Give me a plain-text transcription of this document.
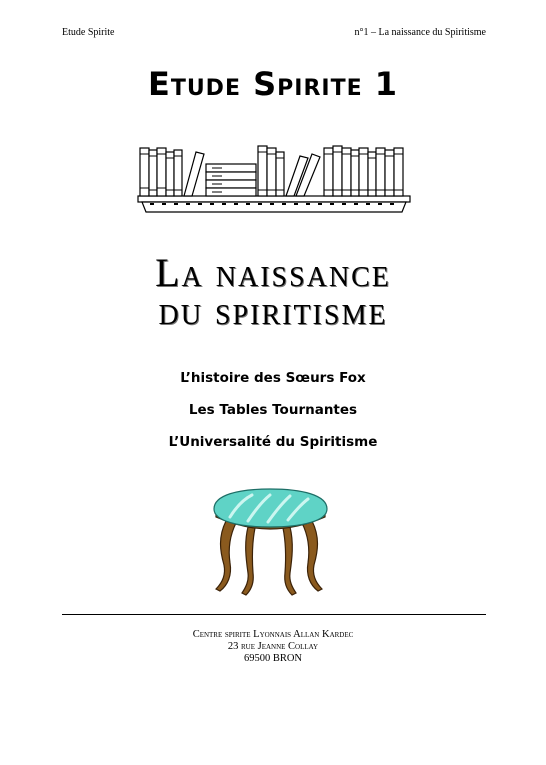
Etude Spirite	n°1 – La naissance du Spiritisme
Etude Spirite 1
La naissance
du spiritisme
L’histoire des Sœurs Fox
Les Tables Tournantes
L’Universalité du Spiritisme
Centre spirite Lyonnais Allan Kardec
23 rue Jeanne Collay
69500 BRON
